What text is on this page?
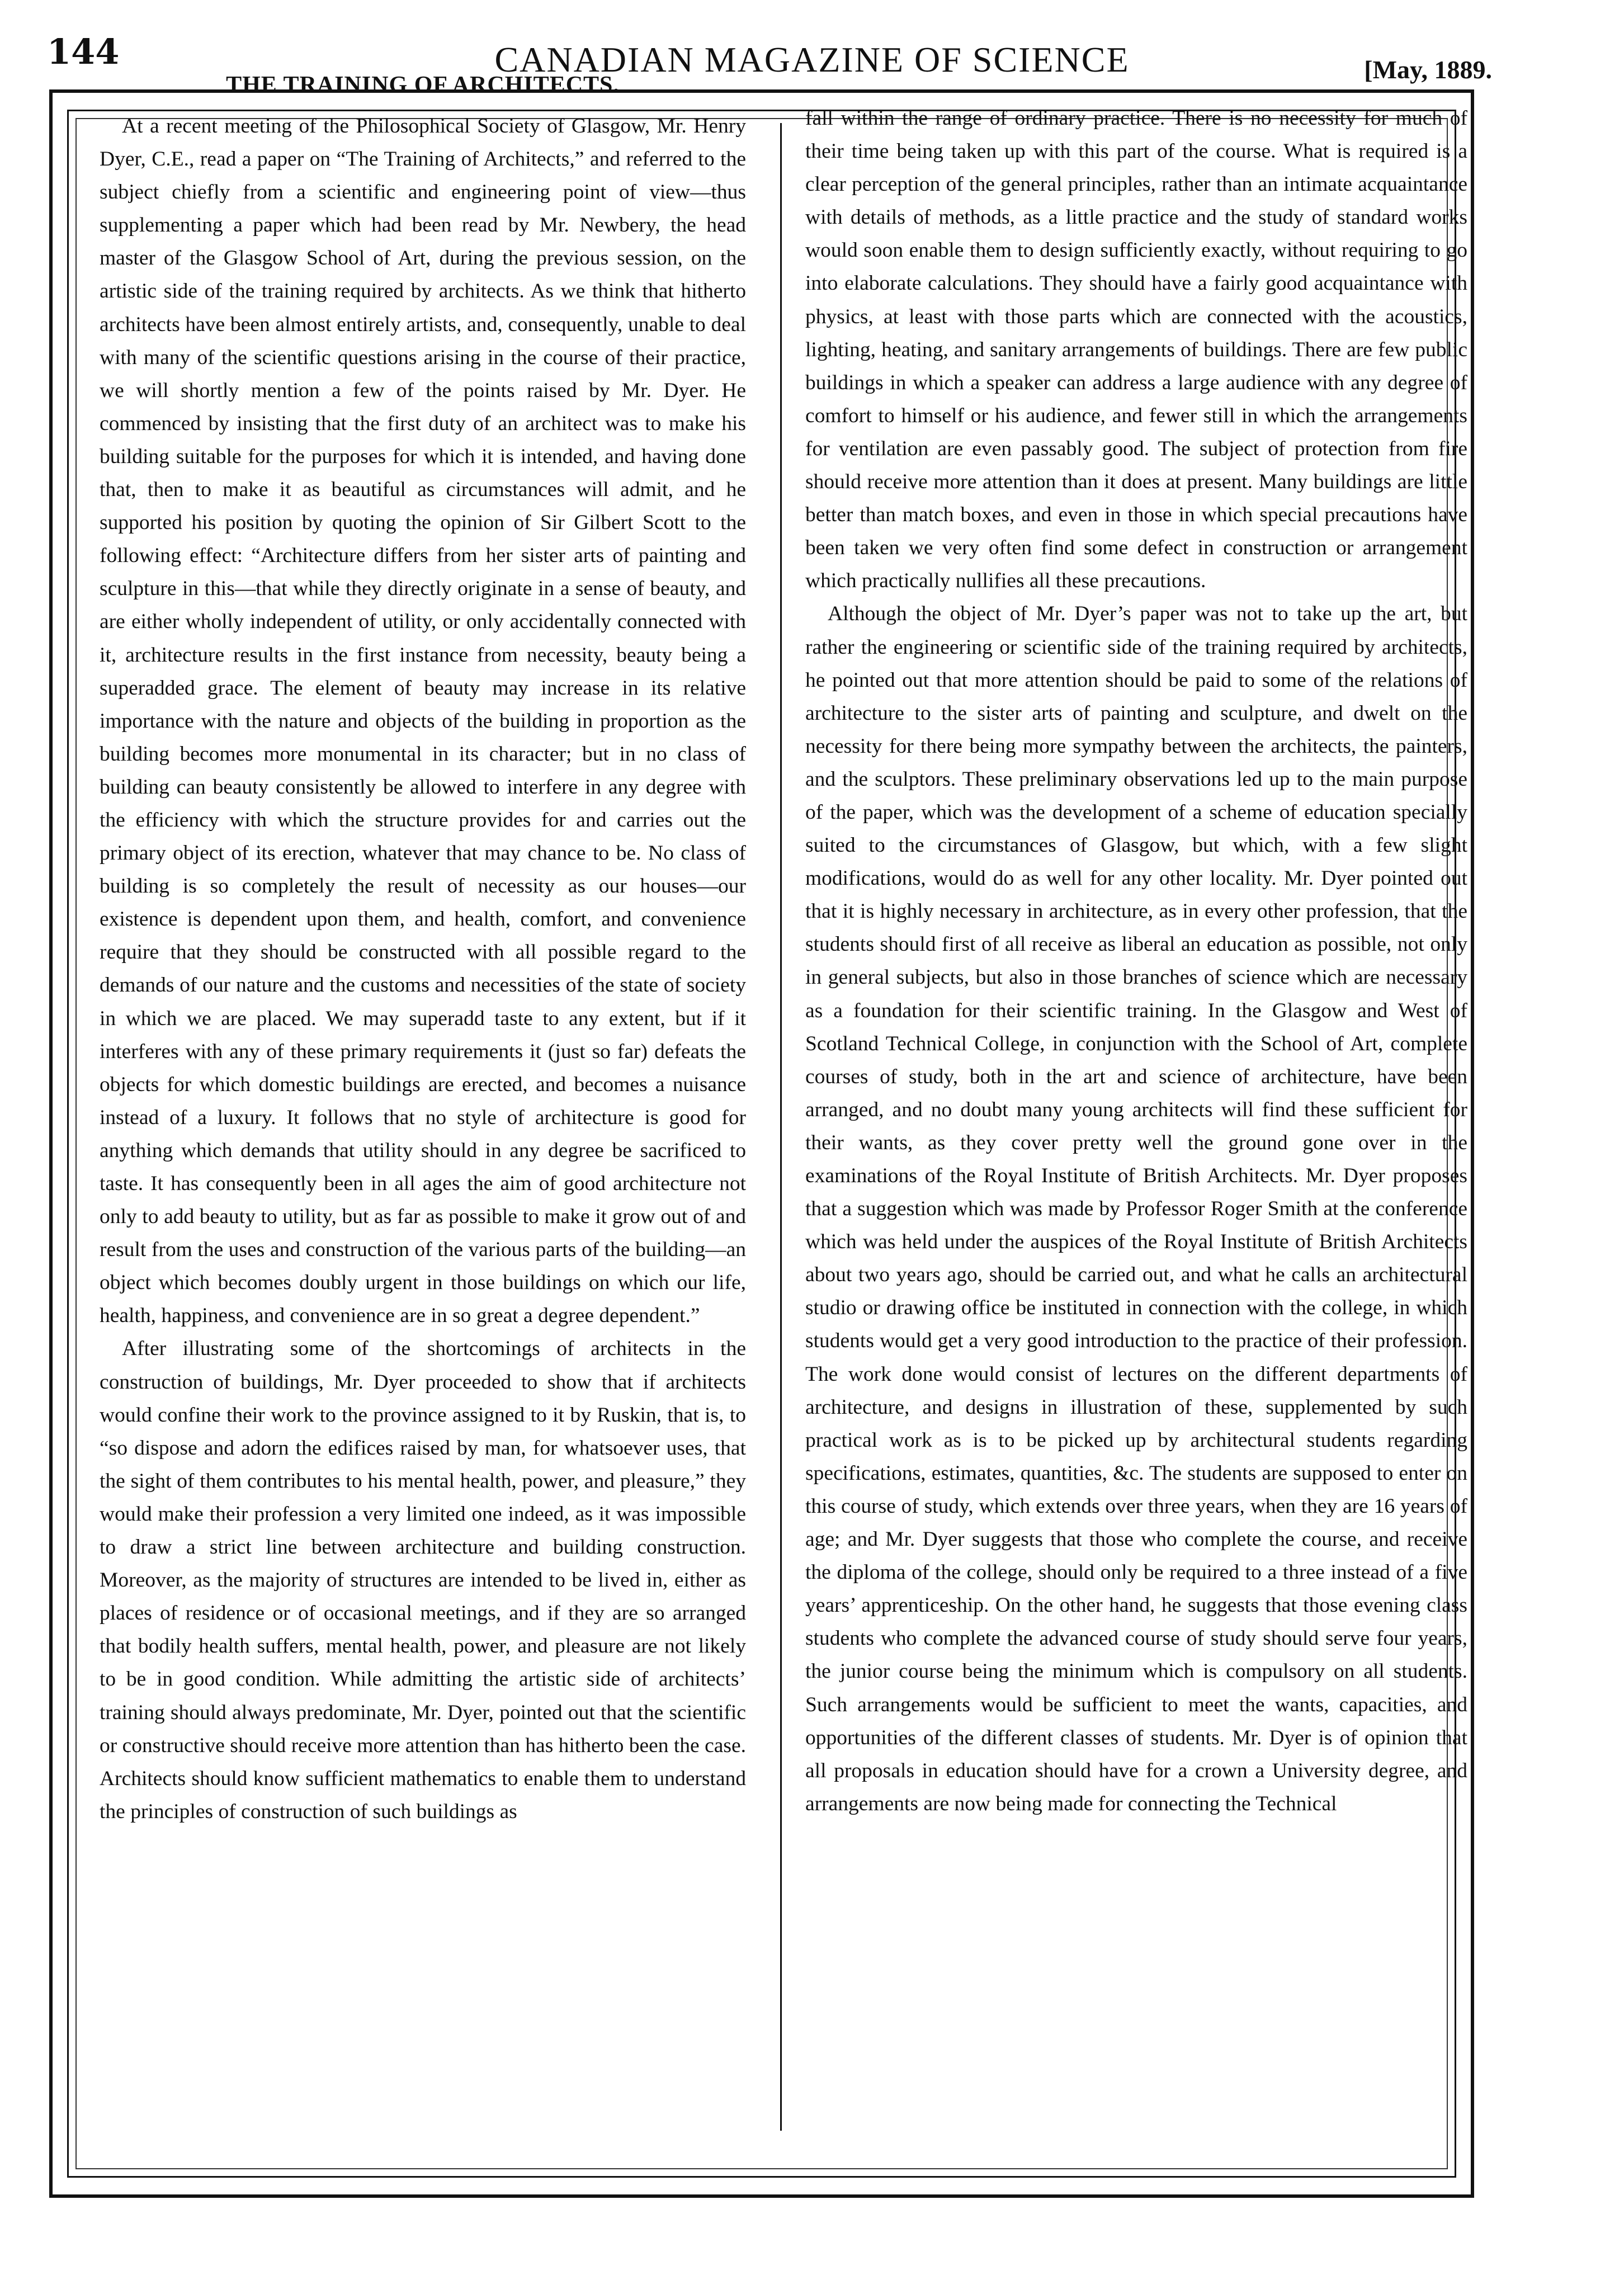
144	CANADIAN MAGAZINE OF SCIENCE	[May, 1889.
THE TRAINING OF ARCHITECTS.

At a recent meeting of the Philosophical Society of Glasgow, Mr. Henry Dyer, C.E., read a paper on “The Training of Architects,” and referred to the subject chiefly from a scientific and engineering point of view—thus supplementing a paper which had been read by Mr. Newbery, the head master of the Glasgow School of Art, during the previous session, on the artistic side of the training required by architects. As we think that hitherto architects have been almost entirely artists, and, consequently, unable to deal with many of the scientific questions arising in the course of their practice, we will shortly mention a few of the points raised by Mr. Dyer. He commenced by insisting that the first duty of an architect was to make his building suitable for the purposes for which it is intended, and having done that, then to make it as beautiful as circumstances will admit, and he supported his position by quoting the opinion of Sir Gilbert Scott to the following effect: “Architecture differs from her sister arts of painting and sculpture in this—that while they directly originate in a sense of beauty, and are either wholly independent of utility, or only accidentally connected with it, architecture results in the first instance from necessity, beauty being a superadded grace. The element of beauty may increase in its relative importance with the nature and objects of the building in proportion as the building becomes more monumental in its character; but in no class of building can beauty consistently be allowed to interfere in any degree with the efficiency with which the structure provides for and carries out the primary object of its erection, whatever that may chance to be. No class of building is so completely the result of necessity as our houses—our existence is dependent upon them, and health, comfort, and convenience require that they should be constructed with all possible regard to the demands of our nature and the customs and necessities of the state of society in which we are placed. We may superadd taste to any extent, but if it interferes with any of these primary requirements it (just so far) defeats the objects for which domestic buildings are erected, and becomes a nuisance instead of a luxury. It follows that no style of architecture is good for anything which demands that utility should in any degree be sacrificed to taste. It has consequently been in all ages the aim of good architecture not only to add beauty to utility, but as far as possible to make it grow out of and result from the uses and construction of the various parts of the building—an object which becomes doubly urgent in those buildings on which our life, health, happiness, and convenience are in so great a degree dependent.”

After illustrating some of the shortcomings of architects in the construction of buildings, Mr. Dyer proceeded to show that if architects would confine their work to the province assigned to it by Ruskin, that is, to “so dispose and adorn the edifices raised by man, for whatsoever uses, that the sight of them contributes to his mental health, power, and pleasure,” they would make their profession a very limited one indeed, as it was impossible to draw a strict line between architecture and building construction. Moreover, as the majority of structures are intended to be lived in, either as places of residence or of occasional meetings, and if they are so arranged that bodily health suffers, mental health, power, and pleasure are not likely to be in good condition. While admitting the artistic side of architects’ training should always predominate, Mr. Dyer, pointed out that the scientific or constructive should receive more attention than has hitherto been the case. Architects should know sufficient mathematics to enable them to understand the principles of construction of such buildings as

fall within the range of ordinary practice. There is no necessity for much of their time being taken up with this part of the course. What is required is a clear perception of the general principles, rather than an intimate acquaintance with details of methods, as a little practice and the study of standard works would soon enable them to design sufficiently exactly, without requiring to go into elaborate calculations. They should have a fairly good acquaintance with physics, at least with those parts which are connected with the acoustics, lighting, heating, and sanitary arrangements of buildings. There are few public buildings in which a speaker can address a large audience with any degree of comfort to himself or his audience, and fewer still in which the arrangements for ventilation are even passably good. The subject of protection from fire should receive more attention than it does at present. Many buildings are little better than match boxes, and even in those in which special precautions have been taken we very often find some defect in construction or arrangement which practically nullifies all these precautions.

Although the object of Mr. Dyer’s paper was not to take up the art, but rather the engineering or scientific side of the training required by architects, he pointed out that more attention should be paid to some of the relations of architecture to the sister arts of painting and sculpture, and dwelt on the necessity for there being more sympathy between the architects, the painters, and the sculptors. These preliminary observations led up to the main purpose of the paper, which was the development of a scheme of education specially suited to the circumstances of Glasgow, but which, with a few slight modifications, would do as well for any other locality. Mr. Dyer pointed out that it is highly necessary in architecture, as in every other profession, that the students should first of all receive as liberal an education as possible, not only in general subjects, but also in those branches of science which are necessary as a foundation for their scientific training. In the Glasgow and West of Scotland Technical College, in conjunction with the School of Art, complete courses of study, both in the art and science of architecture, have been arranged, and no doubt many young architects will find these sufficient for their wants, as they cover pretty well the ground gone over in the examinations of the Royal Institute of British Architects. Mr. Dyer proposes that a suggestion which was made by Professor Roger Smith at the conference which was held under the auspices of the Royal Institute of British Architects about two years ago, should be carried out, and what he calls an architectural studio or drawing office be instituted in connection with the college, in which students would get a very good introduction to the practice of their profession. The work done would consist of lectures on the different departments of architecture, and designs in illustration of these, supplemented by such practical work as is to be picked up by architectural students regarding specifications, estimates, quantities, &c. The students are supposed to enter on this course of study, which extends over three years, when they are 16 years of age; and Mr. Dyer suggests that those who complete the course, and receive the diploma of the college, should only be required to a three instead of a five years’ apprenticeship. On the other hand, he suggests that those evening class students who complete the advanced course of study should serve four years, the junior course being the minimum which is compulsory on all students. Such arrangements would be sufficient to meet the wants, capacities, and opportunities of the different classes of students. Mr. Dyer is of opinion that all proposals in education should have for a crown a University degree, and arrangements are now being made for connecting the Technical
